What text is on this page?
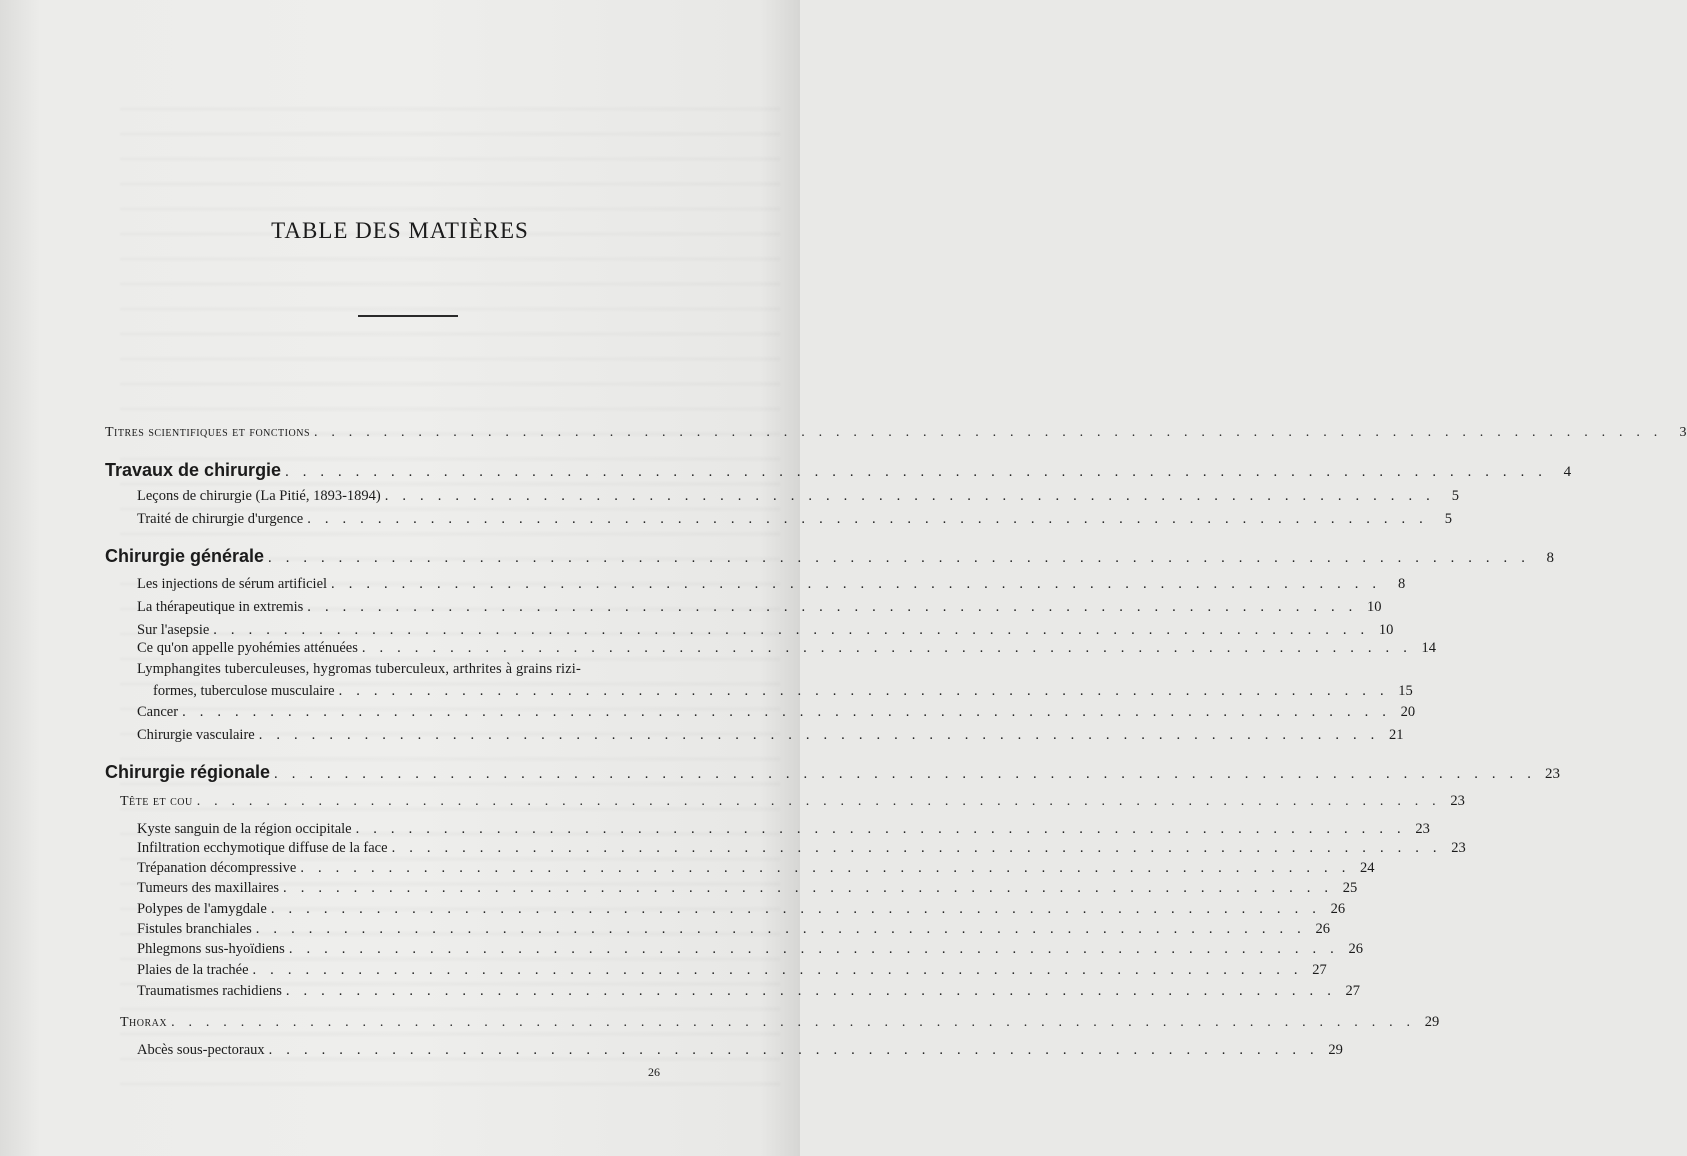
TABLE DES MATIÈRES
Titres scientifiques et fonctions . . . . . . . . . . . . . . . . . . . . . . . . . . . . . . . . . . . . . . . . . . . . . . . . . . . . . . . . . . . . . . . . . . . . . . . . . . . . . .	3
Travaux de chirurgie . . . . . . . . . . . . . . . . . . . . . . . . . . . . . . . . . . . . . . . . . . . . . . . . . . . . . . . . . . . . . . . . . . . . . . . .	4
Leçons de chirurgie (La Pitié, 1893-1894) . . . . . . . . . . . . . . . . . . . . . . . . . . . . . . . . . . . . . . . . . . . . . . . . . . . . . . . . . . . .	5
Traité de chirurgie d'urgence . . . . . . . . . . . . . . . . . . . . . . . . . . . . . . . . . . . . . . . . . . . . . . . . . . . . . . . . . . . . . . . .	5
Chirurgie générale . . . . . . . . . . . . . . . . . . . . . . . . . . . . . . . . . . . . . . . . . . . . . . . . . . . . . . . . . . . . . . . . . . . . . . . .	8
Les injections de sérum artificiel . . . . . . . . . . . . . . . . . . . . . . . . . . . . . . . . . . . . . . . . . . . . . . . . . . . . . . . . . . . .	8
La thérapeutique in extremis . . . . . . . . . . . . . . . . . . . . . . . . . . . . . . . . . . . . . . . . . . . . . . . . . . . . . . . . . . . . 10
Sur l'asepsie . . . . . . . . . . . . . . . . . . . . . . . . . . . . . . . . . . . . . . . . . . . . . . . . . . . . . . . . . . . . . . . . . . 10
Ce qu'on appelle pyohémies atténuées . . . . . . . . . . . . . . . . . . . . . . . . . . . . . . . . . . . . . . . . . . . . . . . . . . . . . . . . . . . . 14
Lymphangites tuberculeuses, hygromas tuberculeux, arthrites à grains rizi-
formes, tuberculose musculaire . . . . . . . . . . . . . . . . . . . . . . . . . . . . . . . . . . . . . . . . . . . . . . . . . . . . . . . . . . . . 15
Cancer . . . . . . . . . . . . . . . . . . . . . . . . . . . . . . . . . . . . . . . . . . . . . . . . . . . . . . . . . . . . . . . . . . . . . 20
Chirurgie vasculaire . . . . . . . . . . . . . . . . . . . . . . . . . . . . . . . . . . . . . . . . . . . . . . . . . . . . . . . . . . . . . . . . 21
Chirurgie régionale . . . . . . . . . . . . . . . . . . . . . . . . . . . . . . . . . . . . . . . . . . . . . . . . . . . . . . . . . . . . . . . . . . . . . . . . 23
Tête et cou . . . . . . . . . . . . . . . . . . . . . . . . . . . . . . . . . . . . . . . . . . . . . . . . . . . . . . . . . . . . . . . . . . . . . . . . 23
Kyste sanguin de la région occipitale . . . . . . . . . . . . . . . . . . . . . . . . . . . . . . . . . . . . . . . . . . . . . . . . . . . . . . . . . . . . 23
Infiltration ecchymotique diffuse de la face . . . . . . . . . . . . . . . . . . . . . . . . . . . . . . . . . . . . . . . . . . . . . . . . . . . . . . . . . . . . 23
Trépanation décompressive . . . . . . . . . . . . . . . . . . . . . . . . . . . . . . . . . . . . . . . . . . . . . . . . . . . . . . . . . . . . 24
Tumeurs des maxillaires . . . . . . . . . . . . . . . . . . . . . . . . . . . . . . . . . . . . . . . . . . . . . . . . . . . . . . . . . . . . 25
Polypes de l'amygdale . . . . . . . . . . . . . . . . . . . . . . . . . . . . . . . . . . . . . . . . . . . . . . . . . . . . . . . . . . . . 26
Fistules branchiales . . . . . . . . . . . . . . . . . . . . . . . . . . . . . . . . . . . . . . . . . . . . . . . . . . . . . . . . . . . . 26
Phlegmons sus-hyoïdiens . . . . . . . . . . . . . . . . . . . . . . . . . . . . . . . . . . . . . . . . . . . . . . . . . . . . . . . . . . . . 26
Plaies de la trachée . . . . . . . . . . . . . . . . . . . . . . . . . . . . . . . . . . . . . . . . . . . . . . . . . . . . . . . . . . . . 27
Traumatismes rachidiens . . . . . . . . . . . . . . . . . . . . . . . . . . . . . . . . . . . . . . . . . . . . . . . . . . . . . . . . . . . . 27
Thorax . . . . . . . . . . . . . . . . . . . . . . . . . . . . . . . . . . . . . . . . . . . . . . . . . . . . . . . . . . . . . . . . . . . . . . . . 29
Abcès sous-pectoraux . . . . . . . . . . . . . . . . . . . . . . . . . . . . . . . . . . . . . . . . . . . . . . . . . . . . . . . . . . . . 29
26
